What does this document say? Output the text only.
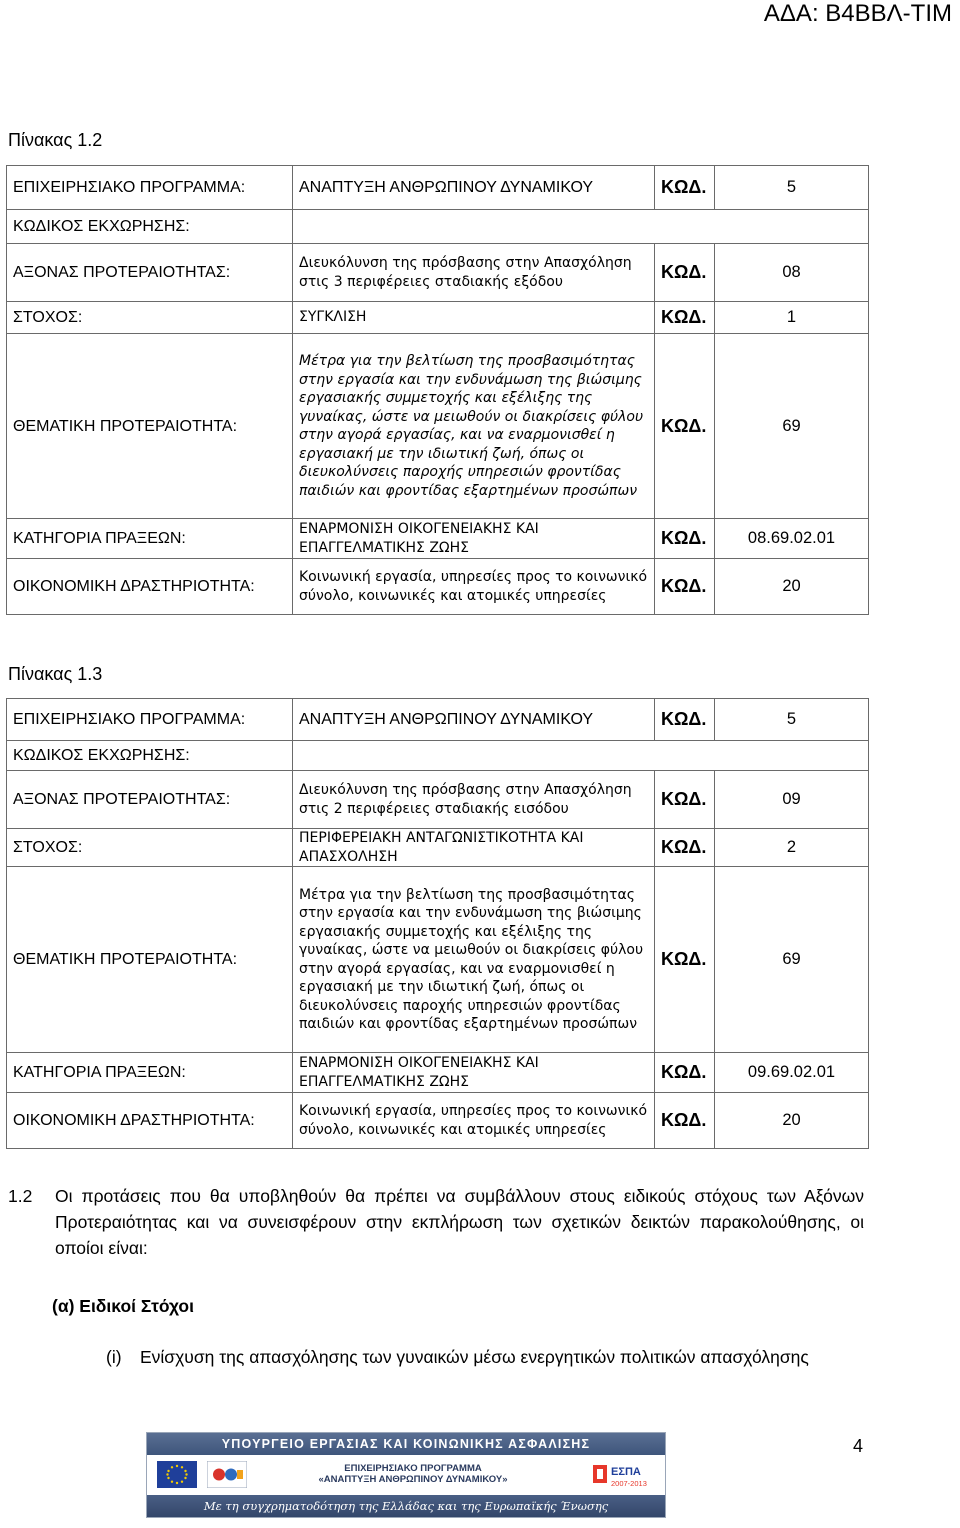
ΑΔΑ: Β4ΒΒΛ-ΤΙΜ
Πίνακας 1.2
ΕΠΙΧΕΙΡΗΣΙΑΚΟ ΠΡΟΓΡΑΜΜΑ:	ΑΝΑΠΤΥΞΗ ΑΝΘΡΩΠΙΝΟΥ ΔΥΝΑΜΙΚΟΥ	ΚΩΔ.	5
ΚΩΔΙΚΟΣ ΕΚΧΩΡΗΣΗΣ:			
ΑΞΟΝΑΣ ΠΡΟΤΕΡΑΙΟΤΗΤΑΣ:	Διευκόλυνση της πρόσβασης στην Απασχόληση στις 3 περιφέρειες σταδιακής εξόδου	ΚΩΔ.	08
ΣΤΟΧΟΣ:	ΣΥΓΚΛΙΣΗ	ΚΩΔ.	1
ΘΕΜΑΤΙΚΗ ΠΡΟΤΕΡΑΙΟΤΗΤΑ:	Μέτρα για την βελτίωση της προσβασιμότητας στην εργασία και την ενδυνάμωση της βιώσιμης εργασιακής συμμετοχής και εξέλιξης της γυναίκας, ώστε να μειωθούν οι διακρίσεις φύλου στην αγορά εργασίας, και να εναρμονισθεί η εργασιακή με την ιδιωτική ζωή, όπως οι διευκολύνσεις παροχής υπηρεσιών φροντίδας παιδιών και φροντίδας εξαρτημένων προσώπων	ΚΩΔ.	69
ΚΑΤΗΓΟΡΙΑ ΠΡΑΞΕΩΝ:	ΕΝΑΡΜΟΝΙΣΗ ΟΙΚΟΓΕΝΕΙΑΚΗΣ ΚΑΙ ΕΠΑΓΓΕΛΜΑΤΙΚΗΣ ΖΩΗΣ	ΚΩΔ.	08.69.02.01
ΟΙΚΟΝΟΜΙΚΗ ΔΡΑΣΤΗΡΙΟΤΗΤΑ:	Κοινωνική εργασία, υπηρεσίες προς το κοινωνικό σύνολο, κοινωνικές και ατομικές υπηρεσίες	ΚΩΔ.	20
Πίνακας 1.3
ΕΠΙΧΕΙΡΗΣΙΑΚΟ ΠΡΟΓΡΑΜΜΑ:	ΑΝΑΠΤΥΞΗ ΑΝΘΡΩΠΙΝΟΥ ΔΥΝΑΜΙΚΟΥ	ΚΩΔ.	5
ΚΩΔΙΚΟΣ ΕΚΧΩΡΗΣΗΣ:			
ΑΞΟΝΑΣ ΠΡΟΤΕΡΑΙΟΤΗΤΑΣ:	Διευκόλυνση της πρόσβασης στην Απασχόληση στις 2 περιφέρειες σταδιακής εισόδου	ΚΩΔ.	09
ΣΤΟΧΟΣ:	ΠΕΡΙΦΕΡΕΙΑΚΗ ΑΝΤΑΓΩΝΙΣΤΙΚΟΤΗΤΑ ΚΑΙ ΑΠΑΣΧΟΛΗΣΗ	ΚΩΔ.	2
ΘΕΜΑΤΙΚΗ ΠΡΟΤΕΡΑΙΟΤΗΤΑ:	Μέτρα για την βελτίωση της προσβασιμότητας στην εργασία και την ενδυνάμωση της βιώσιμης εργασιακής συμμετοχής και εξέλιξης της γυναίκας, ώστε να μειωθούν οι διακρίσεις φύλου στην αγορά εργασίας, και να εναρμονισθεί η εργασιακή με την ιδιωτική ζωή, όπως οι διευκολύνσεις παροχής υπηρεσιών φροντίδας παιδιών και φροντίδας εξαρτημένων προσώπων	ΚΩΔ.	69
ΚΑΤΗΓΟΡΙΑ ΠΡΑΞΕΩΝ:	ΕΝΑΡΜΟΝΙΣΗ ΟΙΚΟΓΕΝΕΙΑΚΗΣ ΚΑΙ ΕΠΑΓΓΕΛΜΑΤΙΚΗΣ ΖΩΗΣ	ΚΩΔ.	09.69.02.01
ΟΙΚΟΝΟΜΙΚΗ ΔΡΑΣΤΗΡΙΟΤΗΤΑ:	Κοινωνική εργασία, υπηρεσίες προς το κοινωνικό σύνολο, κοινωνικές και ατομικές υπηρεσίες	ΚΩΔ.	20
1.2 Οι προτάσεις που θα υποβληθούν θα πρέπει να συμβάλλουν στους ειδικούς στόχους των Αξόνων Προτεραιότητας και να συνεισφέρουν στην εκπλήρωση των σχετικών δεικτών παρακολούθησης, οι οποίοι είναι:
(α) Ειδικοί Στόχοι
(i) Ενίσχυση της απασχόλησης των γυναικών μέσω ενεργητικών πολιτικών απασχόλησης
4
ΥΠΟΥΡΓΕΙΟ ΕΡΓΑΣΙΑΣ ΚΑΙ ΚΟΙΝΩΝΙΚΗΣ ΑΣΦΑΛΙΣΗΣ
ΕΠΙΧΕΙΡΗΣΙΑΚΟ ΠΡΟΓΡΑΜΜΑ
«ΑΝΑΠΤΥΞΗ ΑΝΘΡΩΠΙΝΟΥ ΔΥΝΑΜΙΚΟΥ»
ΕΣΠΑ
2007-2013
Με τη συγχρηματοδότηση της Ελλάδας και της Ευρωπαϊκής Ένωσης
